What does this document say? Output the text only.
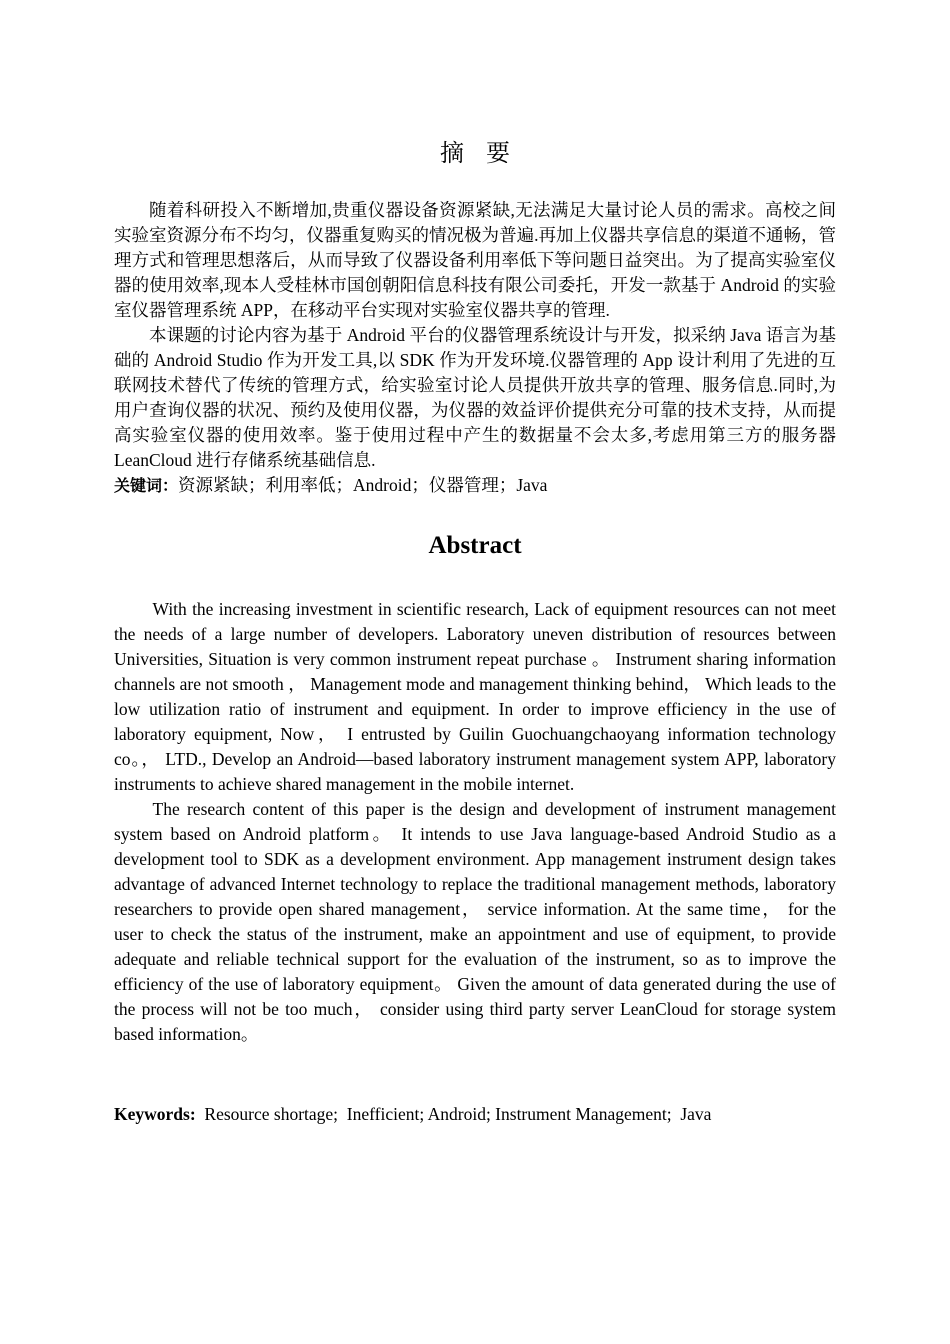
摘要

随着科研投入不断增加,贵重仪器设备资源紧缺,无法满足大量讨论人员的需求。高校之间实验室资源分布不均匀，仪器重复购买的情况极为普遍.再加上仪器共享信息的渠道不通畅，管理方式和管理思想落后，从而导致了仪器设备利用率低下等问题日益突出。为了提高实验室仪器的使用效率,现本人受桂林市国创朝阳信息科技有限公司委托，开发一款基于 Android 的实验室仪器管理系统 APP，在移动平台实现对实验室仪器共享的管理.

本课题的讨论内容为基于 Android 平台的仪器管理系统设计与开发，拟采纳 Java 语言为基础的 Android Studio 作为开发工具,以 SDK 作为开发环境.仪器管理的 App 设计利用了先进的互联网技术替代了传统的管理方式，给实验室讨论人员提供开放共享的管理、服务信息.同时,为用户查询仪器的状况、预约及使用仪器，为仪器的效益评价提供充分可靠的技术支持，从而提高实验室仪器的使用效率。鉴于使用过程中产生的数据量不会太多,考虑用第三方的服务器 LeanCloud 进行存储系统基础信息.

关键词：资源紧缺；利用率低；Android；仪器管理；Java
Abstract

With the increasing investment in scientific research, Lack of equipment resources can not meet the needs of a large number of developers. Laboratory uneven distribution of resources between Universities, Situation is very common instrument repeat purchase 。 Instrument sharing information channels are not smooth ， Management mode and management thinking behind， Which leads to the low utilization ratio of instrument and equipment. In order to improve efficiency in the use of laboratory equipment, Now， I entrusted by Guilin Guochuangchaoyang information technology co。， LTD., Develop an Android—based laboratory instrument management system APP, laboratory instruments to achieve shared management in the mobile internet.

The research content of this paper is the design and development of instrument management system based on Android platform。 It intends to use Java language-based Android Studio as a development tool to SDK as a development environment. App management instrument design takes advantage of advanced Internet technology to replace the traditional management methods, laboratory researchers to provide open shared management， service information. At the same time， for the user to check the status of the instrument, make an appointment and use of equipment, to provide adequate and reliable technical support for the evaluation of the instrument, so as to improve the efficiency of the use of laboratory equipment。 Given the amount of data generated during the use of the process will not be too much， consider using third party server LeanCloud for storage system based information。

Keywords:  Resource shortage;  Inefficient; Android; Instrument Management;  Java
